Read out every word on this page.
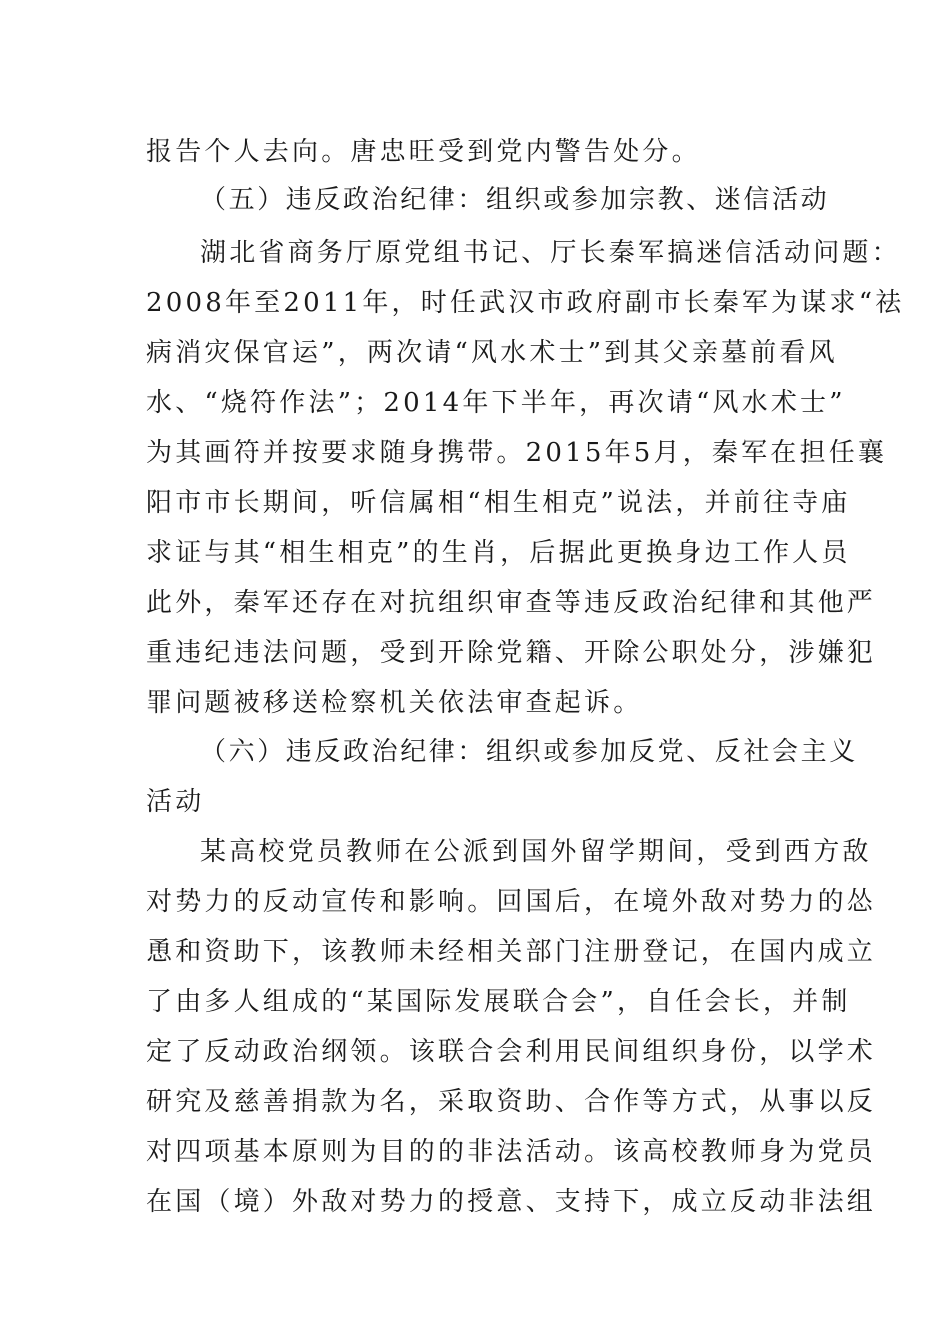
报告个人去向。唐忠旺受到党内警告处分。
（五）违反政治纪律：组织或参加宗教、迷信活动
湖北省商务厅原党组书记、厅长秦军搞迷信活动问题：
2008年至2011年，时任武汉市政府副市长秦军为谋求“祛
病消灾保官运”，两次请“风水术士”到其父亲墓前看风
水、“烧符作法”；2014年下半年，再次请“风水术士”
为其画符并按要求随身携带。2015年5月，秦军在担任襄
阳市市长期间，听信属相“相生相克”说法，并前往寺庙
求证与其“相生相克”的生肖，后据此更换身边工作人员
此外，秦军还存在对抗组织审查等违反政治纪律和其他严
重违纪违法问题，受到开除党籍、开除公职处分，涉嫌犯
罪问题被移送检察机关依法审查起诉。
（六）违反政治纪律：组织或参加反党、反社会主义
活动
某高校党员教师在公派到国外留学期间，受到西方敌
对势力的反动宣传和影响。回国后，在境外敌对势力的怂
恿和资助下，该教师未经相关部门注册登记，在国内成立
了由多人组成的“某国际发展联合会”，自任会长，并制
定了反动政治纲领。该联合会利用民间组织身份，以学术
研究及慈善捐款为名，采取资助、合作等方式，从事以反
对四项基本原则为目的的非法活动。该高校教师身为党员
在国（境）外敌对势力的授意、支持下，成立反动非法组
